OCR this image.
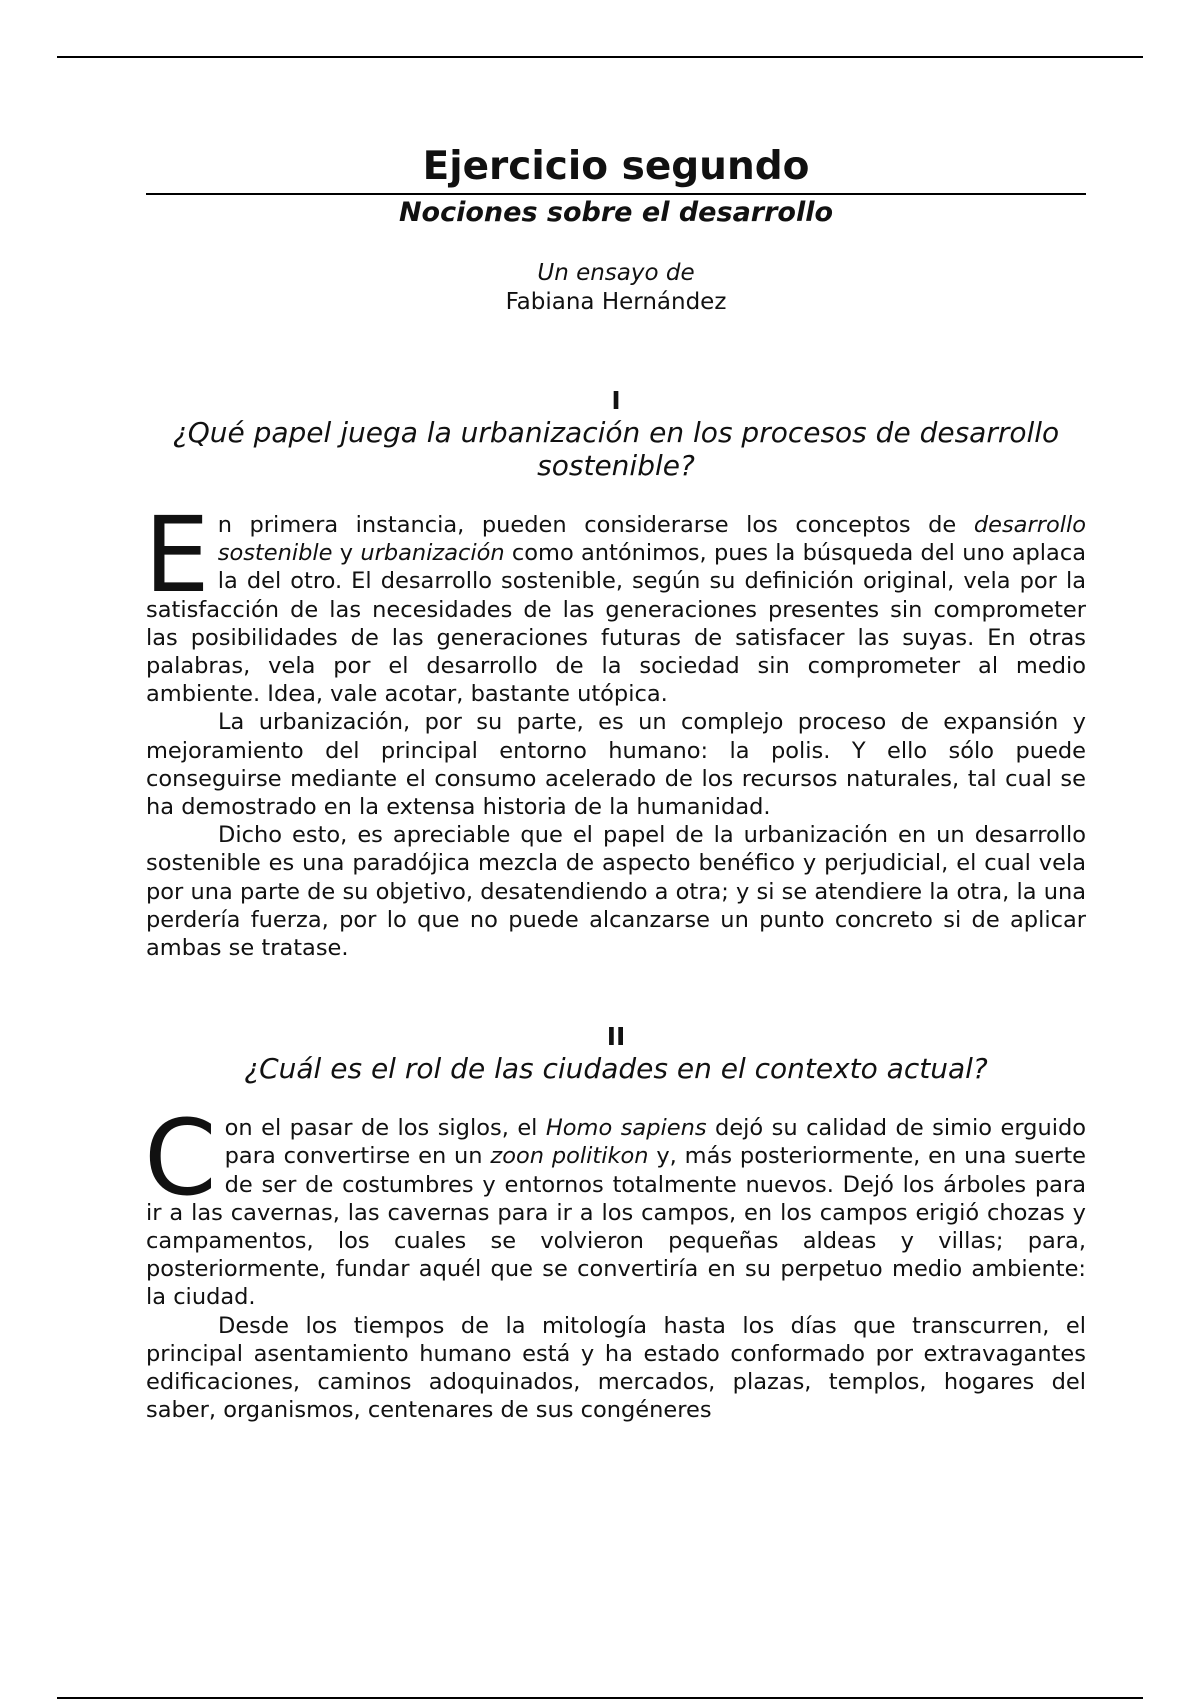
Ejercicio segundo
Nociones sobre el desarrollo
Un ensayo de
Fabiana Hernández
I
¿Qué papel juega la urbanización en los procesos de desarrollo sostenible?

En primera instancia, pueden considerarse los conceptos de desarrollo sostenible y urbanización como antónimos, pues la búsqueda del uno aplaca la del otro. El desarrollo sostenible, según su definición original, vela por la satisfacción de las necesidades de las generaciones presentes sin comprometer las posibilidades de las generaciones futuras de satisfacer las suyas. En otras palabras, vela por el desarrollo de la sociedad sin comprometer al medio ambiente. Idea, vale acotar, bastante utópica.

La urbanización, por su parte, es un complejo proceso de expansión y mejoramiento del principal entorno humano: la polis. Y ello sólo puede conseguirse mediante el consumo acelerado de los recursos naturales, tal cual se ha demostrado en la extensa historia de la humanidad.

Dicho esto, es apreciable que el papel de la urbanización en un desarrollo sostenible es una paradójica mezcla de aspecto benéfico y perjudicial, el cual vela por una parte de su objetivo, desatendiendo a otra; y si se atendiere la otra, la una perdería fuerza, por lo que no puede alcanzarse un punto concreto si de aplicar ambas se tratase.

II
¿Cuál es el rol de las ciudades en el contexto actual?

Con el pasar de los siglos, el Homo sapiens dejó su calidad de simio erguido para convertirse en un zoon politikon y, más posteriormente, en una suerte de ser de costumbres y entornos totalmente nuevos. Dejó los árboles para ir a las cavernas, las cavernas para ir a los campos, en los campos erigió chozas y campamentos, los cuales se volvieron pequeñas aldeas y villas; para, posteriormente, fundar aquél que se convertiría en su perpetuo medio ambiente: la ciudad.

Desde los tiempos de la mitología hasta los días que transcurren, el principal asentamiento humano está y ha estado conformado por extravagantes edificaciones, caminos adoquinados, mercados, plazas, templos, hogares del saber, organismos, centenares de sus congéneres
